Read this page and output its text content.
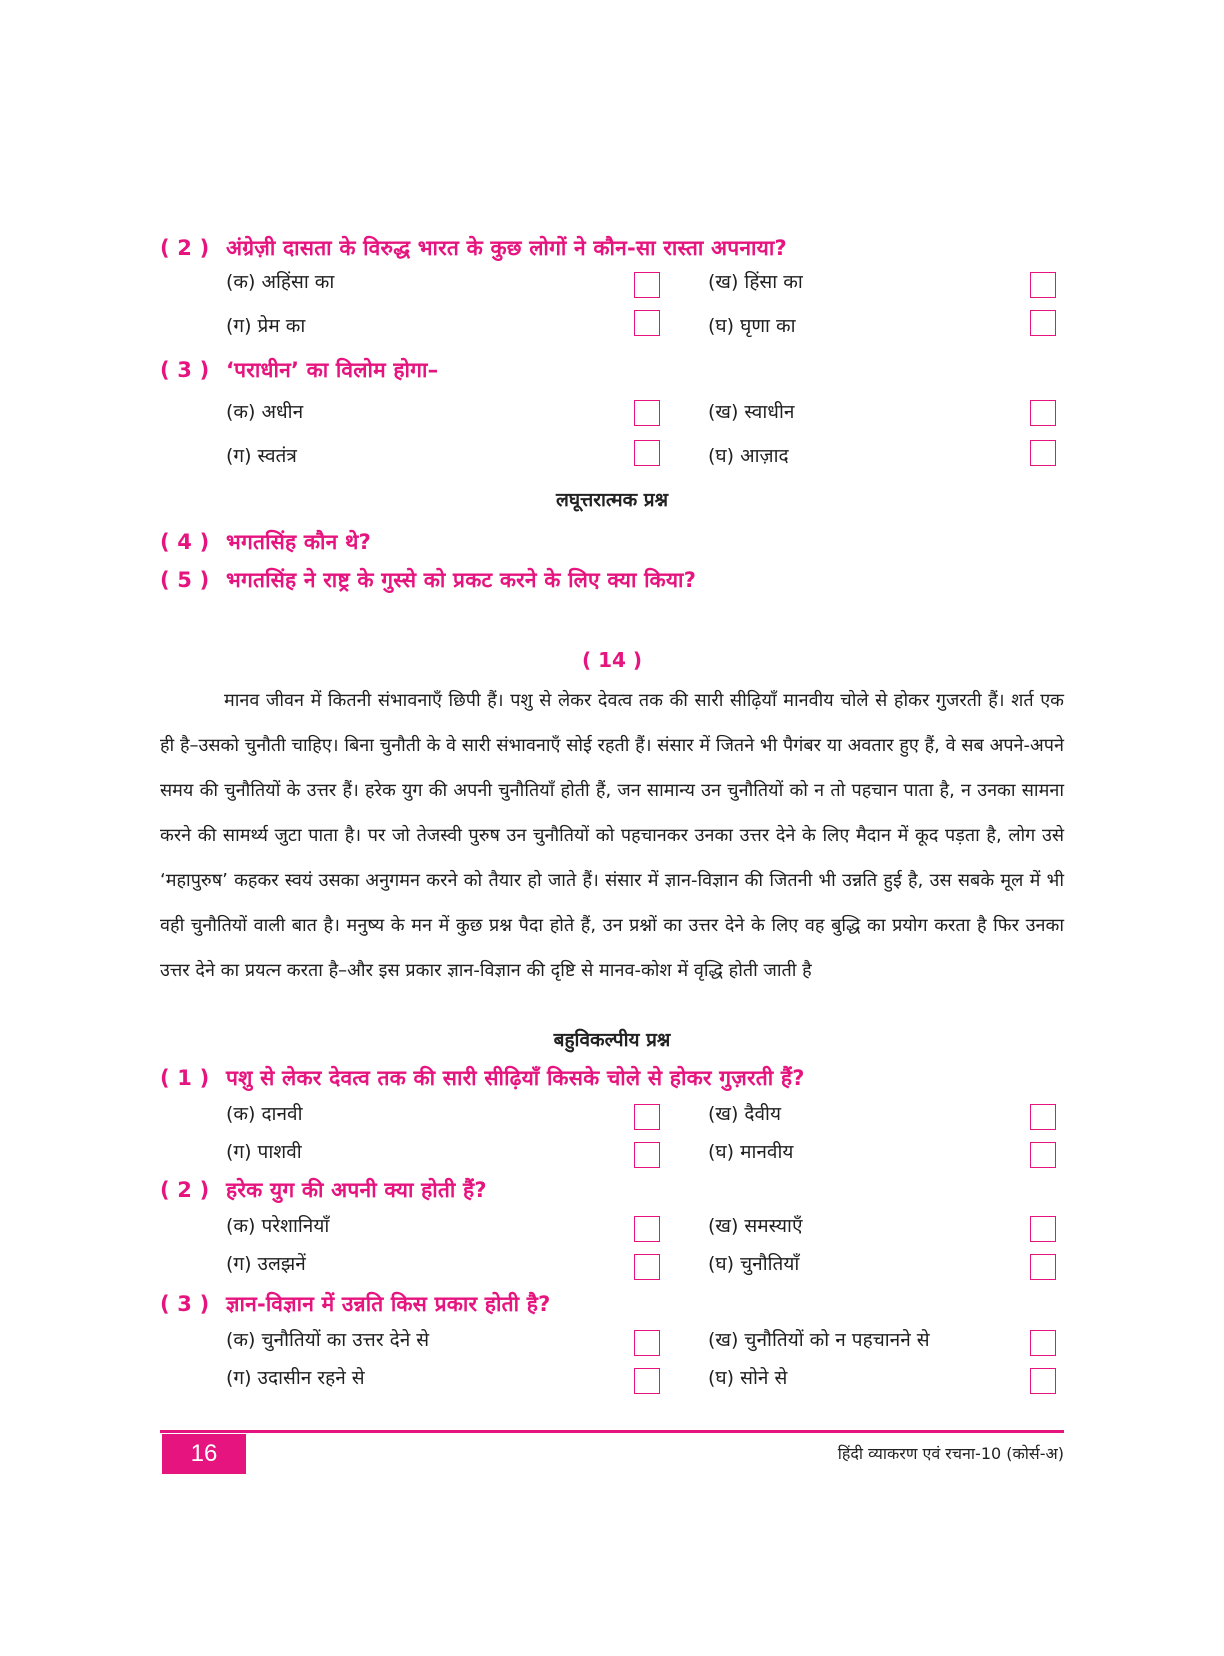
( 2 ) अंग्रेज़ी दासता के विरुद्ध भारत के कुछ लोगों ने कौन-सा रास्ता अपनाया?
(क) अहिंसा का	(ख) हिंसा का
(ग) प्रेम का	(घ) घृणा का
( 3 ) ‘पराधीन’ का विलोम होगा–
(क) अधीन	(ख) स्वाधीन
(ग) स्वतंत्र	(घ) आज़ाद
लघूत्तरात्मक प्रश्न
( 4 ) भगतसिंह कौन थे?
( 5 ) भगतसिंह ने राष्ट्र के गुस्से को प्रकट करने के लिए क्या किया?
( 14 )
मानव जीवन में कितनी संभावनाएँ छिपी हैं। पशु से लेकर देवत्व तक की सारी सीढ़ियाँ मानवीय चोले से होकर गुजरती हैं। शर्त एक ही है–उसको चुनौती चाहिए। बिना चुनौती के वे सारी संभावनाएँ सोई रहती हैं। संसार में जितने भी पैगंबर या अवतार हुए हैं, वे सब अपने-अपने समय की चुनौतियों के उत्तर हैं। हरेक युग की अपनी चुनौतियाँ होती हैं, जन सामान्य उन चुनौतियों को न तो पहचान पाता है, न उनका सामना करने की सामर्थ्य जुटा पाता है। पर जो तेजस्वी पुरुष उन चुनौतियों को पहचानकर उनका उत्तर देने के लिए मैदान में कूद पड़ता है, लोग उसे ‘महापुरुष’ कहकर स्वयं उसका अनुगमन करने को तैयार हो जाते हैं। संसार में ज्ञान-विज्ञान की जितनी भी उन्नति हुई है, उस सबके मूल में भी वही चुनौतियों वाली बात है। मनुष्य के मन में कुछ प्रश्न पैदा होते हैं, उन प्रश्नों का उत्तर देने के लिए वह बुद्धि का प्रयोग करता है फिर उनका उत्तर देने का प्रयत्न करता है–और इस प्रकार ज्ञान-विज्ञान की दृष्टि से मानव-कोश में वृद्धि होती जाती है
बहुविकल्पीय प्रश्न
( 1 ) पशु से लेकर देवत्व तक की सारी सीढ़ियाँ किसके चोले से होकर गुज़रती हैं?
(क) दानवी	(ख) दैवीय
(ग) पाशवी	(घ) मानवीय
( 2 ) हरेक युग की अपनी क्या होती हैं?
(क) परेशानियाँ	(ख) समस्याएँ
(ग) उलझनें	(घ) चुनौतियाँ
( 3 ) ज्ञान-विज्ञान में उन्नति किस प्रकार होती है?
(क) चुनौतियों का उत्तर देने से	(ख) चुनौतियों को न पहचानने से
(ग) उदासीन रहने से	(घ) सोने से
16	हिंदी व्याकरण एवं रचना-10 (कोर्स-अ)
